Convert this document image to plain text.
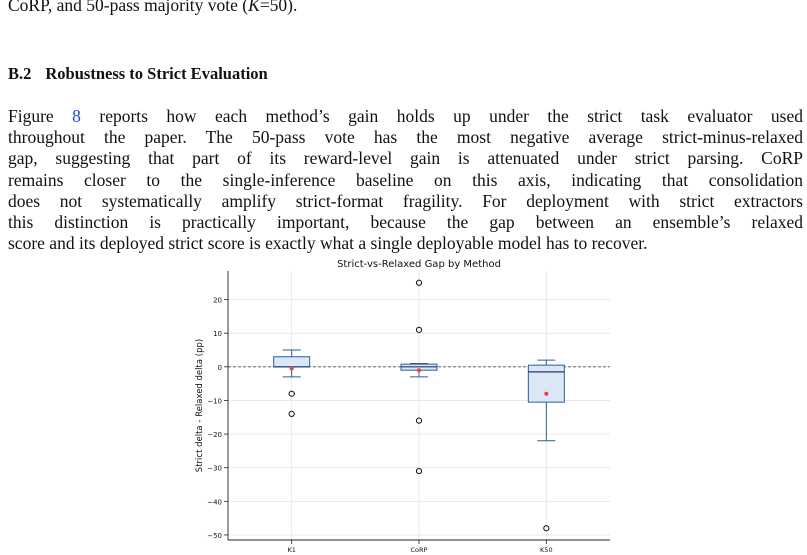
CoRP, and 50-pass majority vote (K=50).
B.2 Robustness to Strict Evaluation
Figure 8 reports how each method’s gain holds up under the strict task evaluator used
throughout the paper. The 50-pass vote has the most negative average strict-minus-relaxed
gap, suggesting that part of its reward-level gain is attenuated under strict parsing. CoRP
remains closer to the single-inference baseline on this axis, indicating that consolidation
does not systematically amplify strict-format fragility. For deployment with strict extractors
this distinction is practically important, because the gap between an ensemble’s relaxed
score and its deployed strict score is exactly what a single deployable model has to recover.
Strict-vs-Relaxed Gap by Method
Strict delta - Relaxed delta (pp)
20
10
0
−10
−20
−30
−40
−50
K1	CoRP	K50
